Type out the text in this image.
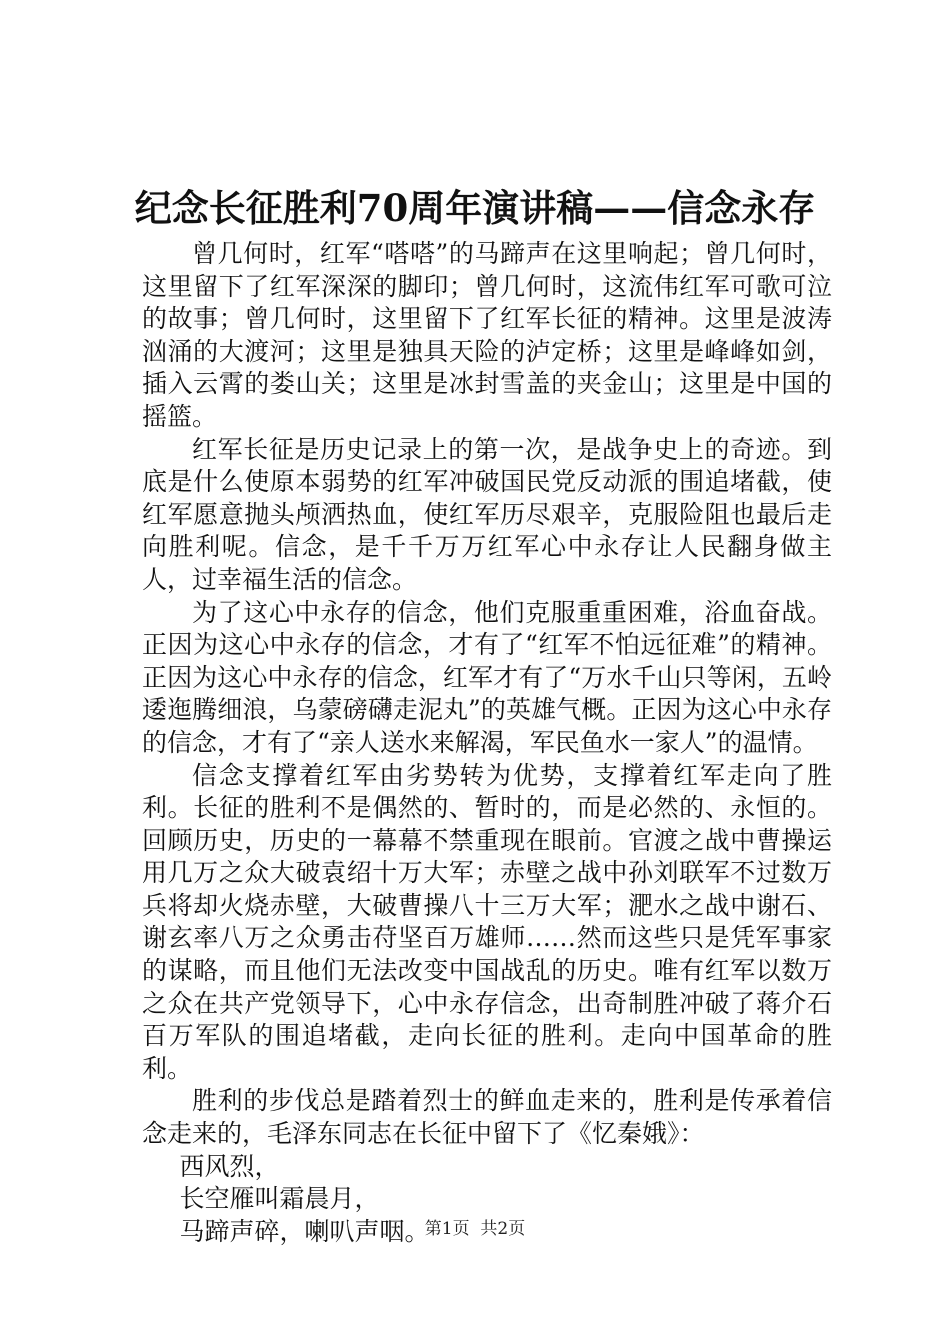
纪念长征胜利70周年演讲稿——信念永存

曾几何时，红军“嗒嗒”的马蹄声在这里响起；曾几何时，这里留下了红军深深的脚印；曾几何时，这流伟红军可歌可泣的故事；曾几何时，这里留下了红军长征的精神。这里是波涛汹涌的大渡河；这里是独具天险的泸定桥；这里是峰峰如剑，插入云霄的娄山关；这里是冰封雪盖的夹金山；这里是中国的摇篮。

红军长征是历史记录上的第一次，是战争史上的奇迹。到底是什么使原本弱势的红军冲破国民党反动派的围追堵截，使红军愿意抛头颅洒热血，使红军历尽艰辛，克服险阻也最后走向胜利呢。信念，是千千万万红军心中永存让人民翻身做主人，过幸福生活的信念。

为了这心中永存的信念，他们克服重重困难，浴血奋战。正因为这心中永存的信念，才有了“红军不怕远征难”的精神。正因为这心中永存的信念，红军才有了“万水千山只等闲，五岭逶迤腾细浪，乌蒙磅礴走泥丸”的英雄气概。正因为这心中永存的信念，才有了“亲人送水来解渴，军民鱼水一家人”的温情。

信念支撑着红军由劣势转为优势，支撑着红军走向了胜利。长征的胜利不是偶然的、暂时的，而是必然的、永恒的。回顾历史，历史的一幕幕不禁重现在眼前。官渡之战中曹操运用几万之众大破袁绍十万大军；赤壁之战中孙刘联军不过数万兵将却火烧赤壁，大破曹操八十三万大军；淝水之战中谢石、谢玄率八万之众勇击苻坚百万雄师……然而这些只是凭军事家的谋略，而且他们无法改变中国战乱的历史。唯有红军以数万之众在共产党领导下，心中永存信念，出奇制胜冲破了蒋介石百万军队的围追堵截，走向长征的胜利。走向中国革命的胜利。

胜利的步伐总是踏着烈士的鲜血走来的，胜利是传承着信念走来的，毛泽东同志在长征中留下了《忆秦娥》：

西风烈，

长空雁叫霜晨月，

马蹄声碎，喇叭声咽。

第1页  共2页
